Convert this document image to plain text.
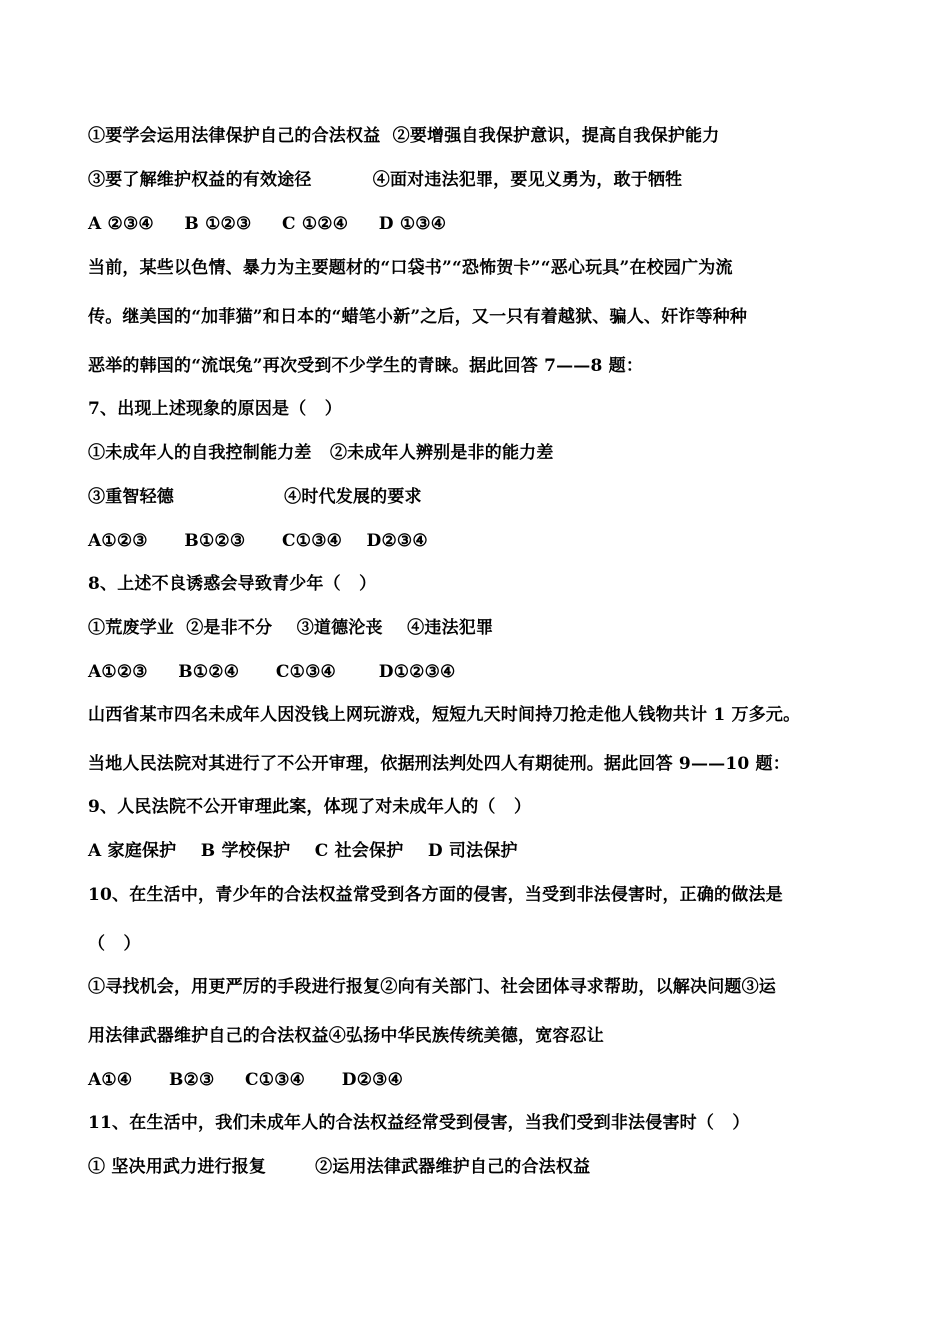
①要学会运用法律保护自己的合法权益  ②要增强自我保护意识，提高自我保护能力
③要了解维护权益的有效途径          ④面对违法犯罪，要见义勇为，敢于牺牲
A ②③④     B ①②③     C ①②④     D ①③④
当前，某些以色情、暴力为主要题材的“口袋书”“恐怖贺卡”“恶心玩具”在校园广为流
传。继美国的“加菲猫”和日本的“蜡笔小新”之后，又一只有着越狱、骗人、奸诈等种种
恶举的韩国的“流氓兔”再次受到不少学生的青睐。据此回答 7——8 题：
7、出现上述现象的原因是（   ）
①未成年人的自我控制能力差   ②未成年人辨别是非的能力差
③重智轻德                  ④时代发展的要求
A①②③      B①②③      C①③④    D②③④
8、上述不良诱惑会导致青少年（   ）
①荒废学业  ②是非不分    ③道德沦丧    ④违法犯罪
A①②③     B①②④      C①③④       D①②③④
山西省某市四名未成年人因没钱上网玩游戏，短短九天时间持刀抢走他人钱物共计 1 万多元。
当地人民法院对其进行了不公开审理，依据刑法判处四人有期徒刑。据此回答 9——10 题：
9、人民法院不公开审理此案，体现了对未成年人的（   ）
A 家庭保护    B 学校保护    C 社会保护    D 司法保护
10、在生活中，青少年的合法权益常受到各方面的侵害，当受到非法侵害时，正确的做法是
（   ）
①寻找机会，用更严厉的手段进行报复②向有关部门、社会团体寻求帮助，以解决问题③运
用法律武器维护自己的合法权益④弘扬中华民族传统美德，宽容忍让
A①④      B②③     C①③④      D②③④
11、在生活中，我们未成年人的合法权益经常受到侵害，当我们受到非法侵害时（   ）
① 坚决用武力进行报复        ②运用法律武器维护自己的合法权益
